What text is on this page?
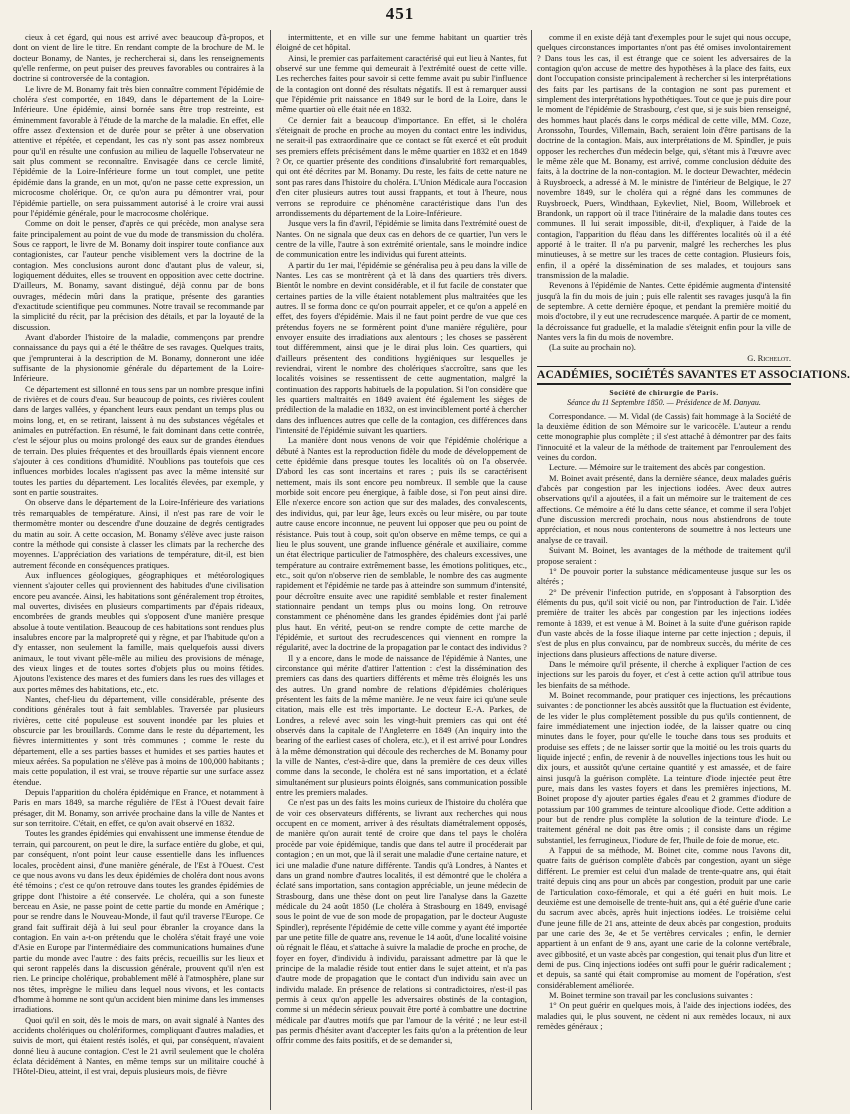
451

cieux à cet égard, qui nous est arrivé avec beaucoup d'à-propos, et dont on vient de lire le titre. En rendant compte de la brochure de M. le docteur Bonamy, de Nantes, je rechercherai si, dans les renseignements qu'elle renferme, on peut puiser des preuves favorables ou contraires à la doctrine si controversée de la contagion.

Le livre de M. Bonamy fait très bien connaître comment l'épidémie de choléra s'est comportée, en 1849, dans le département de la Loire-Inférieure. Une épidémie, ainsi bornée sans être trop restreinte, est éminemment favorable à l'étude de la marche de la maladie. En effet, elle offre assez d'extension et de durée pour se prêter à une observation attentive et répétée, et cependant, les cas n'y sont pas assez nombreux pour qu'il en résulte une confusion au milieu de laquelle l'observateur ne sait plus comment se reconnaître. Envisagée dans ce cercle limité, l'épidémie de la Loire-Inférieure forme un tout complet, une petite épidémie dans la grande, en un mot, qu'on ne passe cette expression, un microcosme cholérique. Or, ce qu'on aura pu démontrer vrai, pour l'épidémie partielle, on sera puissamment autorisé à le croire vrai aussi pour l'épidémie générale, pour le macrocosme cholérique.

Comme on doit le penser, d'après ce qui précède, mon analyse sera faite principalement au point de vue du mode de transmission du choléra. Sous ce rapport, le livre de M. Bonamy doit inspirer toute confiance aux contagionistes, car l'auteur penche visiblement vers la doctrine de la contagion. Mes conclusions auront donc d'autant plus de valeur, si, logiquement déduites, elles se trouvent en opposition avec cette doctrine. D'ailleurs, M. Bonamy, savant distingué, déjà connu par de bons ouvrages, médecin mûri dans la pratique, présente des garanties d'exactitude scientifique peu communes. Notre travail se recommande par la simplicité du récit, par la précision des détails, et par la loyauté de la discussion.

Avant d'aborder l'histoire de la maladie, commençons par prendre connaissance du pays qui a été le théâtre de ses ravages. Quelques traits, que j'emprunterai à la description de M. Bonamy, donneront une idée suffisante de la physionomie générale du département de la Loire-Inférieure.

Ce département est sillonné en tous sens par un nombre presque infini de rivières et de cours d'eau. Sur beaucoup de points, ces rivières coulent dans de larges vallées, y épanchent leurs eaux pendant un temps plus ou moins long, et, en se retirant, laissent à nu des substances végétales et animales en putréfaction. En résumé, le fait dominant dans cette contrée, c'est le séjour plus ou moins prolongé des eaux sur de grandes étendues de terrain. Des pluies fréquentes et des brouillards épais viennent encore s'ajouter à ces conditions d'humidité. N'oublions pas toutefois que ces influences morbides locales n'agissent pas avec la même intensité sur toutes les parties du département. Les localités élevées, par exemple, y sont en partie soustraites.

On observe dans le département de la Loire-Inférieure des variations très remarquables de température. Ainsi, il n'est pas rare de voir le thermomètre monter ou descendre d'une douzaine de degrés centigrades du matin au soir. A cette occasion, M. Bonamy s'élève avec juste raison contre la méthode qui consiste à classer les climats par la recherche des moyennes. L'appréciation des variations de température, dit-il, est bien autrement féconde en conséquences pratiques.

Aux influences géologiques, géographiques et météorologiques viennent s'ajouter celles qui proviennent des habitudes d'une civilisation encore peu avancée. Ainsi, les habitations sont généralement trop étroites, mal ouvertes, divisées en plusieurs compartiments par d'épais rideaux, encombrées de grands meubles qui s'opposent d'une manière presque absolue à toute ventilation. Beaucoup de ces habitations sont rendues plus insalubres encore par la malpropreté qui y règne, et par l'habitude qu'on a d'y entasser, non seulement la famille, mais quelquefois aussi divers animaux, le tout vivant pêle-mêle au milieu des provisions de ménage, des vieux linges et de toutes sortes d'objets plus ou moins fétides. Ajoutons l'existence des mares et des fumiers dans les rues des villages et aux portes mêmes des habitations, etc., etc.

Nantes, chef-lieu du département, ville considérable, présente des conditions générales tout à fait semblables. Traversée par plusieurs rivières, cette cité populeuse est souvent inondée par les pluies et obscurcie par les brouillards. Comme dans le reste du département, les fièvres intermittentes y sont très communes ; comme le reste du département, elle a ses parties basses et humides et ses parties hautes et mieux aérées. Sa population ne s'élève pas à moins de 100,000 habitants ; mais cette population, il est vrai, se trouve répartie sur une surface assez étendue.

Depuis l'apparition du choléra épidémique en France, et notamment à Paris en mars 1849, sa marche régulière de l'Est à l'Ouest devait faire présager, dit M. Bonamy, son arrivée prochaine dans la ville de Nantes et sur son territoire. C'était, en effet, ce qu'on avait observé en 1832.

Toutes les grandes épidémies qui envahissent une immense étendue de terrain, qui parcourent, on peut le dire, la surface entière du globe, et qui, par conséquent, n'ont point leur cause essentielle dans les influences locales, procèdent ainsi, d'une manière générale, de l'Est à l'Ouest. C'est ce que nous avons vu dans les deux épidémies de choléra dont nous avons été témoins ; c'est ce qu'on retrouve dans toutes les grandes épidémies de grippe dont l'histoire a été conservée. Le choléra, qui a son funeste berceau en Asie, ne passe point de cette partie du monde en Amérique ; pour se rendre dans le Nouveau-Monde, il faut qu'il traverse l'Europe. Ce grand fait suffirait déjà à lui seul pour ébranler la croyance dans la contagion. En vain a-t-on prétendu que le choléra s'était frayé une voie d'Asie en Europe par l'intermédiaire des communications humaines d'une partie du monde avec l'autre : des faits précis, recueillis sur les lieux et qui seront rappelés dans la discussion générale, prouvent qu'il n'en est rien. Le principe cholérique, probablement mêlé à l'atmosphère, plane sur nos têtes, imprègne le milieu dans lequel nous vivons, et les contacts d'homme à homme ne sont qu'un accident bien minime dans les immenses irradiations.

Quoi qu'il en soit, dès le mois de mars, on avait signalé à Nantes des accidents cholériques ou cholériformes, compliquant d'autres maladies, et suivis de mort, qui étaient restés isolés, et qui, par conséquent, n'avaient donné lieu à aucune contagion. C'est le 21 avril seulement que le choléra éclata décidément à Nantes, en même temps sur un militaire couché à l'Hôtel-Dieu, atteint, il est vrai, depuis plusieurs mois, de fièvre

intermittente, et en ville sur une femme habitant un quartier très éloigné de cet hôpital.

Ainsi, le premier cas parfaitement caractérisé qui eut lieu à Nantes, fut observé sur une femme qui demeurait à l'extrémité ouest de cette ville. Les recherches faites pour savoir si cette femme avait pu subir l'influence de la contagion ont donné des résultats négatifs. Il est à remarquer aussi que l'épidémie prit naissance en 1849 sur le bord de la Loire, dans le même quartier où elle était née en 1832.

Ce dernier fait a beaucoup d'importance. En effet, si le choléra s'éteignait de proche en proche au moyen du contact entre les individus, ne serait-il pas extraordinaire que ce contact se fût exercé et eût produit ses premiers effets précisément dans le même quartier en 1832 et en 1849 ? Or, ce quartier présente des conditions d'insalubrité fort remarquables, qui ont été décrites par M. Bonamy. Du reste, les faits de cette nature ne sont pas rares dans l'histoire du choléra. L'Union Médicale aura l'occasion d'en citer plusieurs autres tout aussi frappants, et tout à l'heure, nous verrons se reproduire ce phénomène caractéristique dans l'un des arrondissements du département de la Loire-Inférieure.

Jusque vers la fin d'avril, l'épidémie se limita dans l'extrémité ouest de Nantes. On ne signala que deux cas en dehors de ce quartier, l'un vers le centre de la ville, l'autre à son extrémité orientale, sans le moindre indice de communication entre les individus qui furent atteints.

A partir du 1er mai, l'épidémie se généralisa peu à peu dans la ville de Nantes. Les cas se montrèrent çà et là dans des quartiers très divers. Bientôt le nombre en devint considérable, et il fut facile de constater que certaines parties de la ville étaient notablement plus maltraitées que les autres. Il se forma donc ce qu'on pourrait appeler, et ce qu'on a appelé en effet, des foyers d'épidémie. Mais il ne faut point perdre de vue que ces prétendus foyers ne se formèrent point d'une manière régulière, pour envoyer ensuite des irradiations aux alentours ; les choses se passèrent tout différemment, ainsi que je le dirai plus loin. Ces quartiers, qui d'ailleurs présentent des conditions hygiéniques sur lesquelles je reviendrai, virent le nombre des cholériques s'accroître, sans que les localités voisines se ressentissent de cette augmentation, malgré la continuation des rapports habituels de la population. Si l'on considère que les quartiers maltraités en 1849 avaient été également les sièges de prédilection de la maladie en 1832, on est invinciblement porté à chercher dans des influences autres que celle de la contagion, ces différences dans l'intensité de l'épidémie suivant les quartiers.

La manière dont nous venons de voir que l'épidémie cholérique a débuté à Nantes est la reproduction fidèle du mode de développement de cette épidémie dans presque toutes les localités où on l'a observée. D'abord les cas sont incertains et rares ; puis ils se caractérisent nettement, mais ils sont encore peu nombreux. Il semble que la cause morbide soit encore peu énergique, à faible dose, si l'on peut ainsi dire. Elle n'exerce encore son action que sur des malades, des convalescents, des individus, qui, par leur âge, leurs excès ou leur misère, ou par toute autre cause encore inconnue, ne peuvent lui opposer que peu ou point de résistance. Puis tout à coup, soit qu'on observe en même temps, ce qui a lieu le plus souvent, une grande influence générale et auxiliaire, comme un état électrique particulier de l'atmosphère, des chaleurs excessives, une température au contraire extrêmement basse, les émotions politiques, etc., etc., soit qu'on n'observe rien de semblable, le nombre des cas augmente rapidement et l'épidémie ne tarde pas à atteindre son summum d'intensité, pour décroître ensuite avec une rapidité semblable et rester finalement stationnaire pendant un temps plus ou moins long. On retrouve constamment ce phénomène dans les grandes épidémies dont j'ai parlé plus haut. En vérité, peut-on se rendre compte de cette marche de l'épidémie, et surtout des recrudescences qui viennent en rompre la régularité, avec la doctrine de la propagation par le contact des individus ?

Il y a encore, dans le mode de naissance de l'épidémie à Nantes, une circonstance qui mérite d'attirer l'attention : c'est la dissémination des premiers cas dans des quartiers différents et même très éloignés les uns des autres. Un grand nombre de relations d'épidémies cholériques présentent les faits de la même manière. Je ne veux faire ici qu'une seule citation, mais elle est très importante. Le docteur E.-A. Parkes, de Londres, a relevé avec soin les vingt-huit premiers cas qui ont été observés dans la capitale de l'Angleterre en 1849 (An inquiry into the bearing of the earliest cases of cholera, etc.), et il est arrivé pour Londres à la même démonstration qui découle des recherches de M. Bonamy pour la ville de Nantes, c'est-à-dire que, dans la première de ces deux villes comme dans la seconde, le choléra est né sans importation, et a éclaté simultanément sur plusieurs points éloignés, sans communication possible entre les premiers malades.

Ce n'est pas un des faits les moins curieux de l'histoire du choléra que de voir ces observateurs différents, se livrant aux recherches qui nous occupent en ce moment, arriver à des résultats diamétralement opposés, de manière qu'on aurait tenté de croire que dans tel pays le choléra procède par voie épidémique, tandis que dans tel autre il procéderait par contagion ; en un mot, que là il serait une maladie d'une certaine nature, et ici une maladie d'une nature différente. Tandis qu'à Londres, à Nantes et dans un grand nombre d'autres localités, il est démontré que le choléra a éclaté sans importation, sans contagion appréciable, un jeune médecin de Strasbourg, dans une thèse dont on peut lire l'analyse dans la Gazette médicale du 24 août 1850 (Le choléra à Strasbourg en 1849, envisagé sous le point de vue de son mode de propagation, par le docteur Auguste Spindler), représente l'épidémie de cette ville comme y ayant été importée par une petite fille de quatre ans, revenue le 14 août, d'une localité voisine où régnait le fléau, et s'attache à suivre la maladie de proche en proche, de foyer en foyer, d'individu à individu, paraissant admettre par là que le principe de la maladie réside tout entier dans le sujet atteint, et n'a pas d'autre mode de propagation que le contact d'un individu sain avec un individu malade. En présence de relations si contradictoires, n'est-il pas permis à ceux qu'on appelle les adversaires obstinés de la contagion, comme si un médecin sérieux pouvait être porté à combattre une doctrine médicale par d'autres motifs que par l'amour de la vérité ; ne leur est-il pas permis d'hésiter avant d'accepter les faits qu'on a la prétention de leur offrir comme des faits positifs, et de se demander si,

comme il en existe déjà tant d'exemples pour le sujet qui nous occupe, quelques circonstances importantes n'ont pas été omises involontairement ? Dans tous les cas, il est étrange que ce soient les adversaires de la contagion qu'on accuse de mettre des hypothèses à la place des faits, eux dont l'occupation consiste principalement à rechercher si les interprétations des faits par les partisans de la contagion ne sont pas purement et simplement des interprétations hypothétiques. Tout ce que je puis dire pour le moment de l'épidémie de Strasbourg, c'est que, si je suis bien renseigné, des hommes haut placés dans le corps médical de cette ville, MM. Coze, Aronssohn, Tourdes, Villemain, Bach, seraient loin d'être partisans de la doctrine de la contagion. Mais, aux interprétations de M. Spindler, je puis opposer les recherches d'un médecin belge, qui, s'étant mis à l'œuvre avec le même zèle que M. Bonamy, est arrivé, comme conclusion déduite des faits, à la doctrine de la non-contagion. M. le docteur Dewachter, médecin à Ruysbroeck, a adressé à M. le ministre de l'intérieur de Belgique, le 27 novembre 1849, sur le choléra qui a régné dans les communes de Ruysbroeck, Puers, Windthaan, Eykevliet, Niel, Boom, Willebroek et Brandonk, un rapport où il trace l'itinéraire de la maladie dans toutes ces communes. Il lui serait impossible, dit-il, d'expliquer, à l'aide de la contagion, l'apparition du fléau dans les différentes localités où il a été apporté à le traiter. Il n'a pu parvenir, malgré les recherches les plus minutieuses, à se mettre sur les traces de cette contagion. Plusieurs fois, enfin, il a opéré la dissémination de ses malades, et toujours sans transmission de la maladie.

Revenons à l'épidémie de Nantes. Cette épidémie augmenta d'intensité jusqu'à la fin du mois de juin ; puis elle ralentit ses ravages jusqu'à la fin de septembre. A cette dernière époque, et pendant la première moitié du mois d'octobre, il y eut une recrudescence marquée. A partir de ce moment, la décroissance fut graduelle, et la maladie s'éteignit enfin pour la ville de Nantes vers la fin du mois de novembre.

(La suite au prochain no).

G. Richelot.
ACADÉMIES, SOCIÉTÉS SAVANTES ET ASSOCIATIONS.
Société de chirurgie de Paris.
Séance du 11 Septembre 1850. — Présidence de M. Danyau.

Correspondance. — M. Vidal (de Cassis) fait hommage à la Société de la deuxième édition de son Mémoire sur le varicocèle. L'auteur a rendu cette monographie plus complète ; il s'est attaché à démontrer par des faits l'innocuité et la valeur de la méthode de traitement par l'enroulement des veines du cordon.

Lecture. — Mémoire sur le traitement des abcès par congestion.

M. Boinet avait présenté, dans la dernière séance, deux malades guéris d'abcès par congestion par les injections iodées. Avec deux autres observations qu'il a ajoutées, il a fait un mémoire sur le traitement de ces affections. Ce mémoire a été lu dans cette séance, et comme il sera l'objet d'une discussion mercredi prochain, nous nous abstiendrons de toute appréciation, et nous nous contenterons de soumettre à nos lecteurs une analyse de ce travail.

Suivant M. Boinet, les avantages de la méthode de traitement qu'il propose seraient :

1° De pouvoir porter la substance médicamenteuse jusque sur les os altérés ;

2° De prévenir l'infection putride, en s'opposant à l'absorption des éléments du pus, qu'il soit vicié ou non, par l'introduction de l'air. L'idée première de traiter les abcès par congestion par les injections iodées remonte à 1839, et est venue à M. Boinet à la suite d'une guérison rapide d'un vaste abcès de la fosse iliaque interne par cette injection ; depuis, il s'est de plus en plus convaincu, par de nombreux succès, du mérite de ces injections dans plusieurs affections de nature diverse.

Dans le mémoire qu'il présente, il cherche à expliquer l'action de ces injections sur les parois du foyer, et c'est à cette action qu'il attribue tous les bienfaits de sa méthode.

M. Boinet recommande, pour pratiquer ces injections, les précautions suivantes : de ponctionner les abcès aussitôt que la fluctuation est évidente, de les vider le plus complètement possible du pus qu'ils contiennent, de faire immédiatement une injection iodée, de la laisser quatre ou cinq minutes dans le foyer, pour qu'elle le touche dans tous ses produits et produise ses effets ; de ne laisser sortir que la moitié ou les trois quarts du liquide injecté ; enfin, de revenir à de nouvelles injections tous les huit ou dix jours, et aussitôt qu'une certaine quantité y est amassée, et de faire ainsi jusqu'à la guérison complète. La teinture d'iode injectée peut être pure, mais dans les vastes foyers et dans les premières injections, M. Boinet propose d'y ajouter parties égales d'eau et 2 grammes d'iodure de potassium par 100 grammes de teinture alcoolique d'iode. Cette addition a pour but de rendre plus complète la solution de la teinture d'iode. Le traitement général ne doit pas être omis ; il consiste dans un régime substantiel, les ferrugineux, l'iodure de fer, l'huile de foie de morue, etc.

A l'appui de sa méthode, M. Boinet cite, comme nous l'avons dit, quatre faits de guérison complète d'abcès par congestion, ayant un siège différent. Le premier est celui d'un malade de trente-quatre ans, qui était traité depuis cinq ans pour un abcès par congestion, produit par une carie de l'articulation coxo-fémorale, et qui a été guéri en huit mois. Le deuxième est une demoiselle de trente-huit ans, qui a été guérie d'une carie du sacrum avec abcès, après huit injections iodées. Le troisième celui d'une jeune fille de 21 ans, atteinte de deux abcès par congestion, produits par une carie des 3e, 4e et 5e vertèbres cervicales ; enfin, le dernier appartient à un enfant de 9 ans, ayant une carie de la colonne vertébrale, avec gibbosité, et un vaste abcès par congestion, qui tenait plus d'un litre et demi de pus. Cinq injections iodées ont suffi pour le guérir radicalement ; et depuis, sa santé qui était compromise au moment de l'opération, s'est considérablement améliorée.

M. Boinet termine son travail par les conclusions suivantes :

1° On peut guérir en quelques mois, à l'aide des injections iodées, des maladies qui, le plus souvent, ne cèdent ni aux remèdes locaux, ni aux remèdes généraux ;
